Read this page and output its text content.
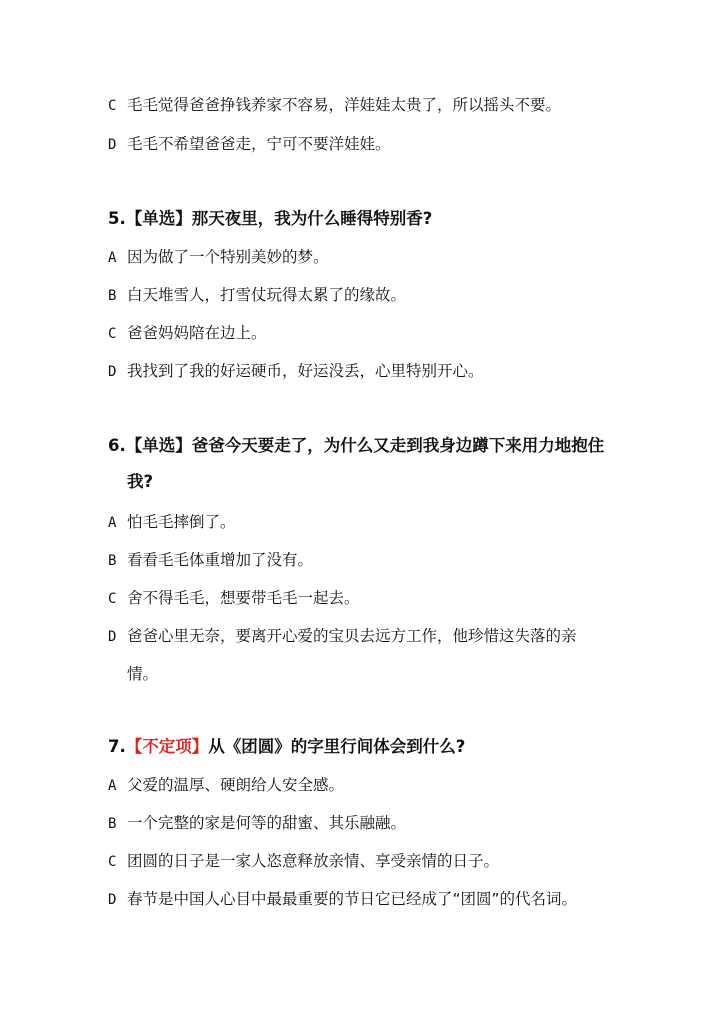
C 毛毛觉得爸爸挣钱养家不容易，洋娃娃太贵了，所以摇头不要。
D 毛毛不希望爸爸走，宁可不要洋娃娃。
5.【单选】那天夜里，我为什么睡得特别香?
A 因为做了一个特别美妙的梦。
B 白天堆雪人，打雪仗玩得太累了的缘故。
C 爸爸妈妈陪在边上。
D 我找到了我的好运硬币，好运没丢，心里特别开心。
6.【单选】爸爸今天要走了，为什么又走到我身边蹲下来用力地抱住
我?
A 怕毛毛摔倒了。
B 看看毛毛体重增加了没有。
C 舍不得毛毛，想要带毛毛一起去。
D 爸爸心里无奈，要离开心爱的宝贝去远方工作，他珍惜这失落的亲
情。
7.【不定项】从《团圆》的字里行间体会到什么?
A 父爱的温厚、硬朗给人安全感。
B 一个完整的家是何等的甜蜜、其乐融融。
C 团圆的日子是一家人恣意释放亲情、享受亲情的日子。
D 春节是中国人心目中最最重要的节日它已经成了“团圆”的代名词。
